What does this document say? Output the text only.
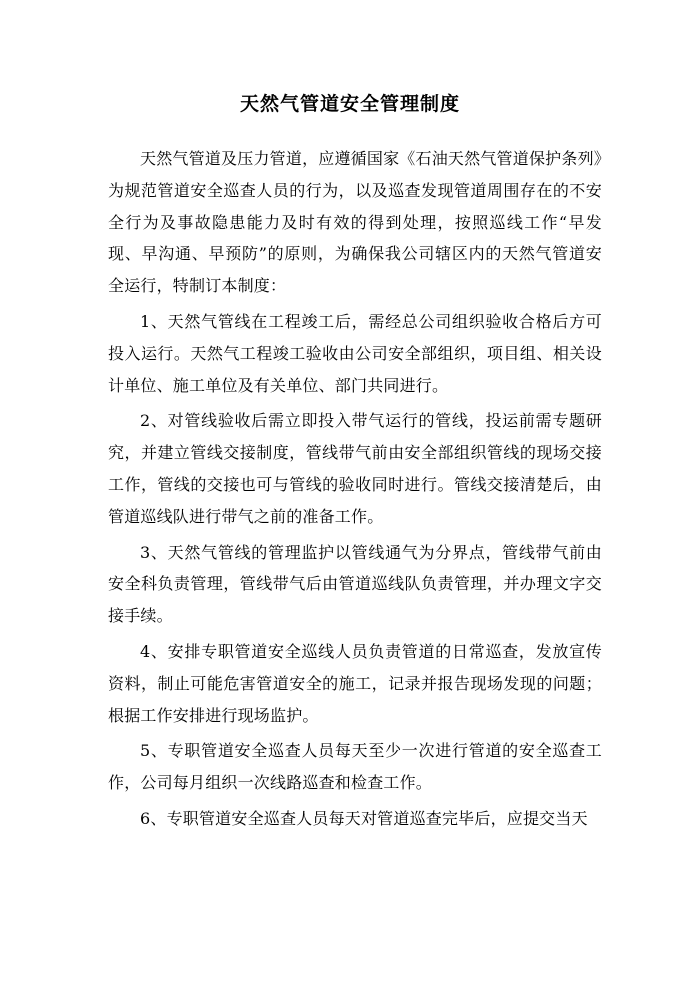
天然气管道安全管理制度

天然气管道及压力管道，应遵循国家《石油天然气管道保护条列》为规范管道安全巡查人员的行为，以及巡查发现管道周围存在的不安全行为及事故隐患能力及时有效的得到处理，按照巡线工作“早发现、早沟通、早预防”的原则，为确保我公司辖区内的天然气管道安全运行，特制订本制度：

1、天然气管线在工程竣工后，需经总公司组织验收合格后方可投入运行。天然气工程竣工验收由公司安全部组织，项目组、相关设计单位、施工单位及有关单位、部门共同进行。

2、对管线验收后需立即投入带气运行的管线，投运前需专题研究，并建立管线交接制度，管线带气前由安全部组织管线的现场交接工作，管线的交接也可与管线的验收同时进行。管线交接清楚后，由管道巡线队进行带气之前的准备工作。

3、天然气管线的管理监护以管线通气为分界点，管线带气前由安全科负责管理，管线带气后由管道巡线队负责管理，并办理文字交接手续。

4、安排专职管道安全巡线人员负责管道的日常巡查，发放宣传资料，制止可能危害管道安全的施工，记录并报告现场发现的问题；根据工作安排进行现场监护。

5、专职管道安全巡查人员每天至少一次进行管道的安全巡查工作，公司每月组织一次线路巡查和检查工作。

6、专职管道安全巡查人员每天对管道巡查完毕后，应提交当天
